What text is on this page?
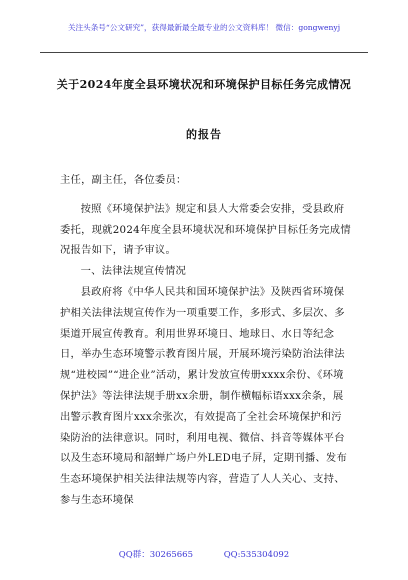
关注头条号“公文研究”，获得最新最全最专业的公文资料库！ 微信：gongwenyj
关于2024年度全县环境状况和环境保护目标任务完成情况
的报告

主任，副主任，各位委员：

按照《环境保护法》规定和县人大常委会安排，受县政府委托，现就2024年度全县环境状况和环境保护目标任务完成情况报告如下，请予审议。

一、法律法规宣传情况

县政府将《中华人民共和国环境保护法》及陕西省环境保护相关法律法规宣传作为一项重要工作，多形式、多层次、多渠道开展宣传教育。利用世界环境日、地球日、水日等纪念日，举办生态环境警示教育图片展，开展环境污染防治法律法规“进校园”“进企业”活动，累计发放宣传册xxxx余份、《环境保护法》等法律法规手册xx余册，制作横幅标语xxx余条，展出警示教育图片xxx余张次，有效提高了全社会环境保护和污染防治的法律意识。同时，利用电视、微信、抖音等媒体平台以及生态环境局和韶蝉广场户外LED电子屏，定期刊播、发布生态环境保护相关法律法规等内容，营造了人人关心、支持、参与生态环境保

QQ群：30265665	QQ:535304092
